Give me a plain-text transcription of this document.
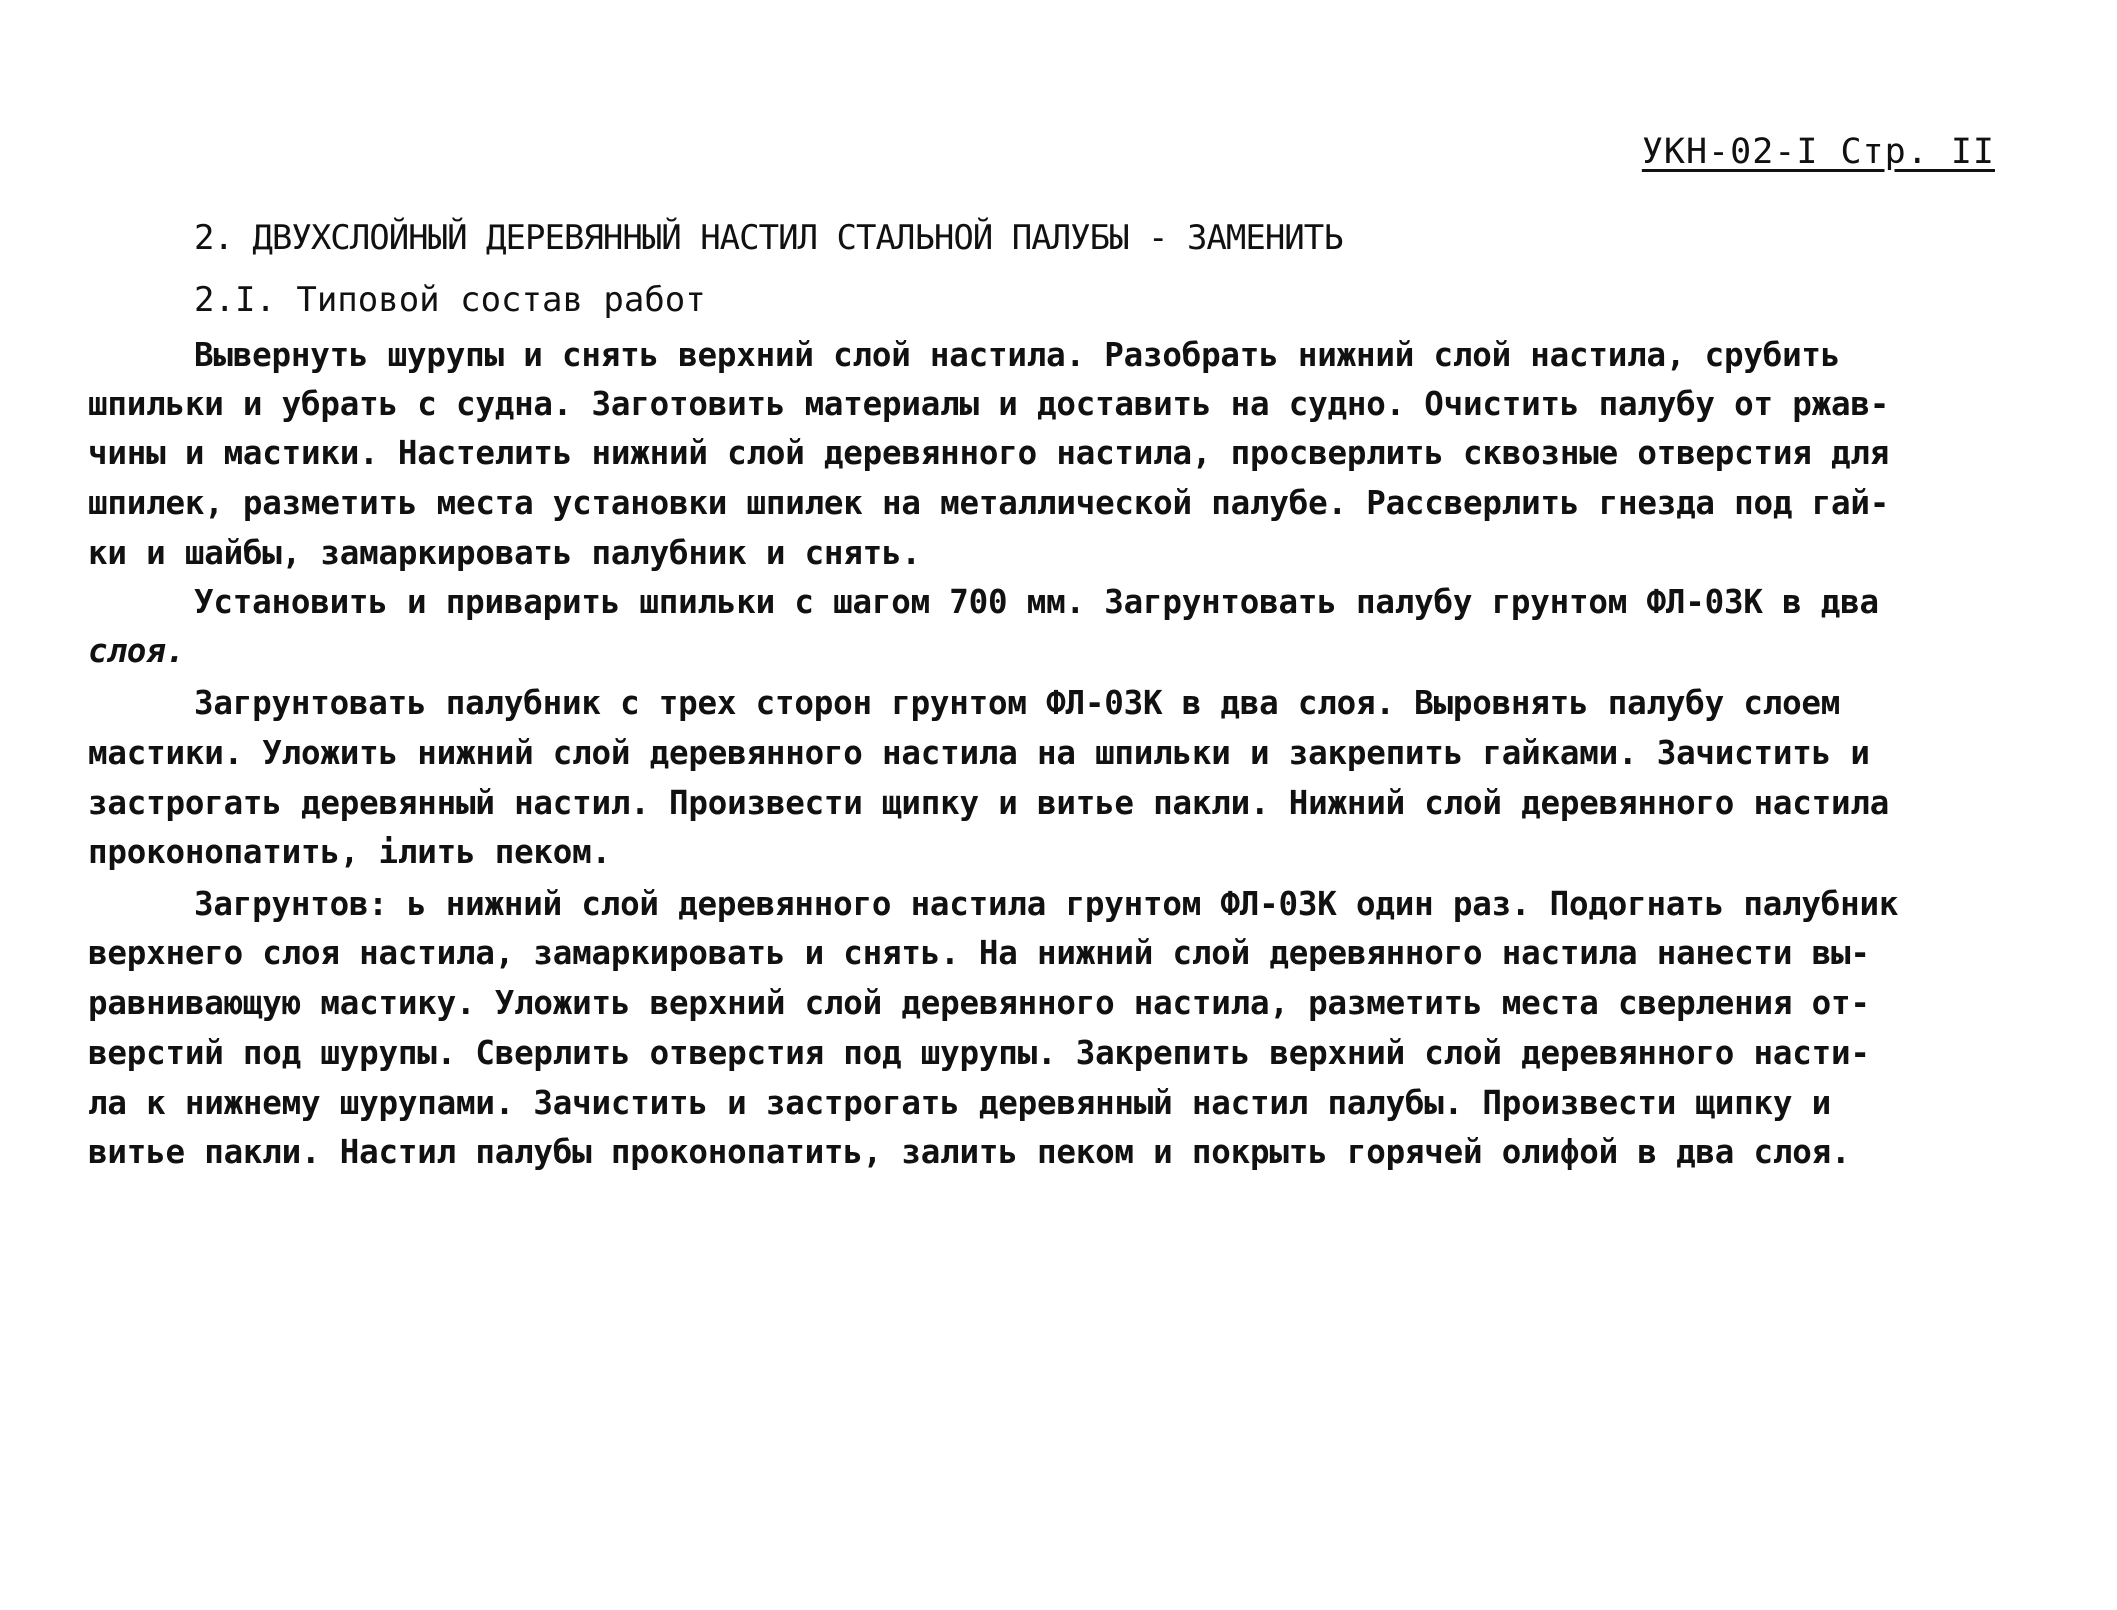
УКН-02-I Стр. II
2. ДВУХСЛОЙНЫЙ ДЕРЕВЯННЫЙ НАСТИЛ СТАЛЬНОЙ ПАЛУБЫ - ЗАМЕНИТЬ
2.I. Типовой состав работ
Вывернуть шурупы и снять верхний слой настила. Разобрать нижний слой настила, срубить
шпильки и убрать с судна. Заготовить материалы и доставить на судно. Очистить палубу от ржав-
чины и мастики. Настелить нижний слой деревянного настила, просверлить сквозные отверстия для
шпилек, разметить места установки шпилек на металлической палубе. Рассверлить гнезда под гай-
ки и шайбы, замаркировать палубник и снять.
Установить и приварить шпильки с шагом 700 мм. Загрунтовать палубу грунтом ФЛ-03К в два
слоя.
Загрунтовать палубник с трех сторон грунтом ФЛ-03К в два слоя. Выровнять палубу слоем
мастики. Уложить нижний слой деревянного настила на шпильки и закрепить гайками. Зачистить и
застрогать деревянный настил. Произвести щипку и витье пакли. Нижний слой деревянного настила
проконопатить, ілить пеком.
Загрунтов: ь нижний слой деревянного настила грунтом ФЛ-03К один раз. Подогнать палубник
верхнего слоя настила, замаркировать и снять. На нижний слой деревянного настила нанести вы-
равнивающую мастику. Уложить верхний слой деревянного настила, разметить места сверления от-
верстий под шурупы. Сверлить отверстия под шурупы. Закрепить верхний слой деревянного насти-
ла к нижнему шурупами. Зачистить и застрогать деревянный настил палубы. Произвести щипку и
витье пакли. Настил палубы проконопатить, залить пеком и покрыть горячей олифой в два слоя.
